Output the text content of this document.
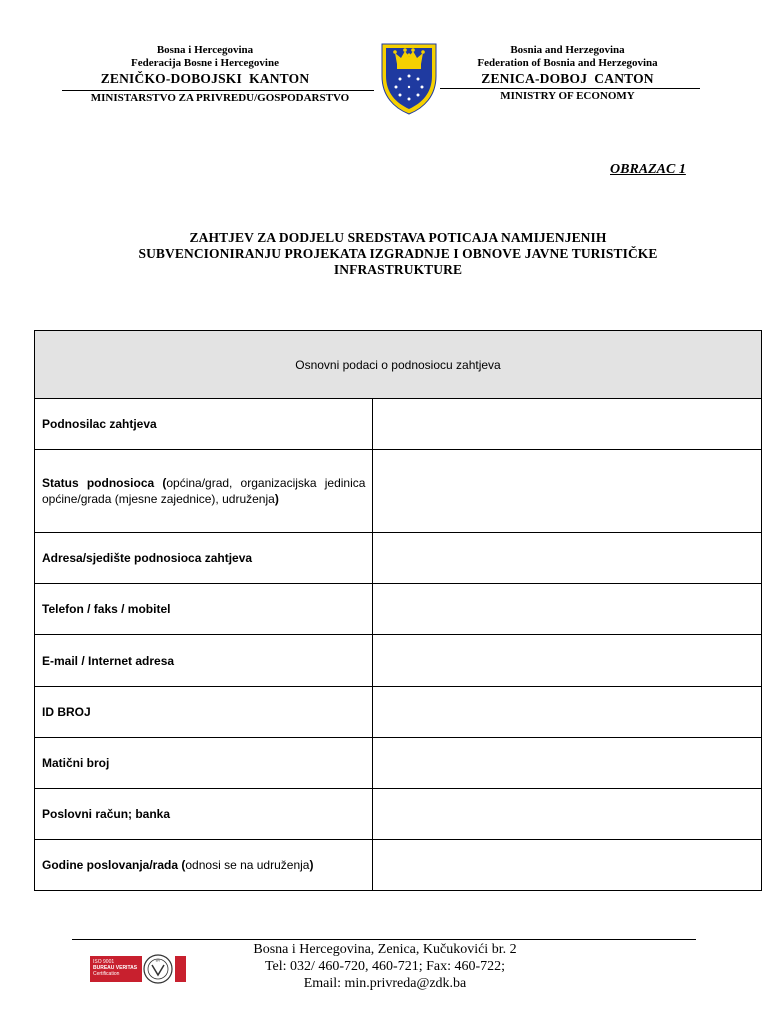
Bosna i Hercegovina
Federacija Bosne i Hercegovine
ZENIČKO-DOBOJSKI  KANTON
MINISTARSTVO ZA PRIVREDU/GOSPODARSTVO
Bosnia and Herzegovina
Federation of Bosnia and Herzegovina
ZENICA-DOBOJ  CANTON
MINISTRY OF ECONOMY
OBRAZAC 1
ZAHTJEV ZA DODJELU SREDSTAVA POTICAJA NAMIJENJENIH
SUBVENCIONIRANJU PROJEKATA IZGRADNJE I OBNOVE JAVNE TURISTIČKE
INFRASTRUKTURE
Osnovni podaci o podnosiocu zahtjeva	
Podnosilac zahtjeva	
Status podnosioca (općina/grad, organizacijska jedinica općine/grada (mjesne zajednice), udruženja)	
Adresa/sjedište podnosioca zahtjeva	
Telefon / faks / mobitel	
E-mail / Internet adresa	
ID BROJ	
Matični broj	
Poslovni račun; banka	
Godine poslovanja/rada (odnosi se na udruženja)	
Bosna i Hercegovina, Zenica, Kučukovići br. 2
Tel: 032/ 460-720, 460-721; Fax: 460-722;
Email: min.privreda@zdk.ba
ISO 9001
BUREAU VERITAS
Certification
BV
